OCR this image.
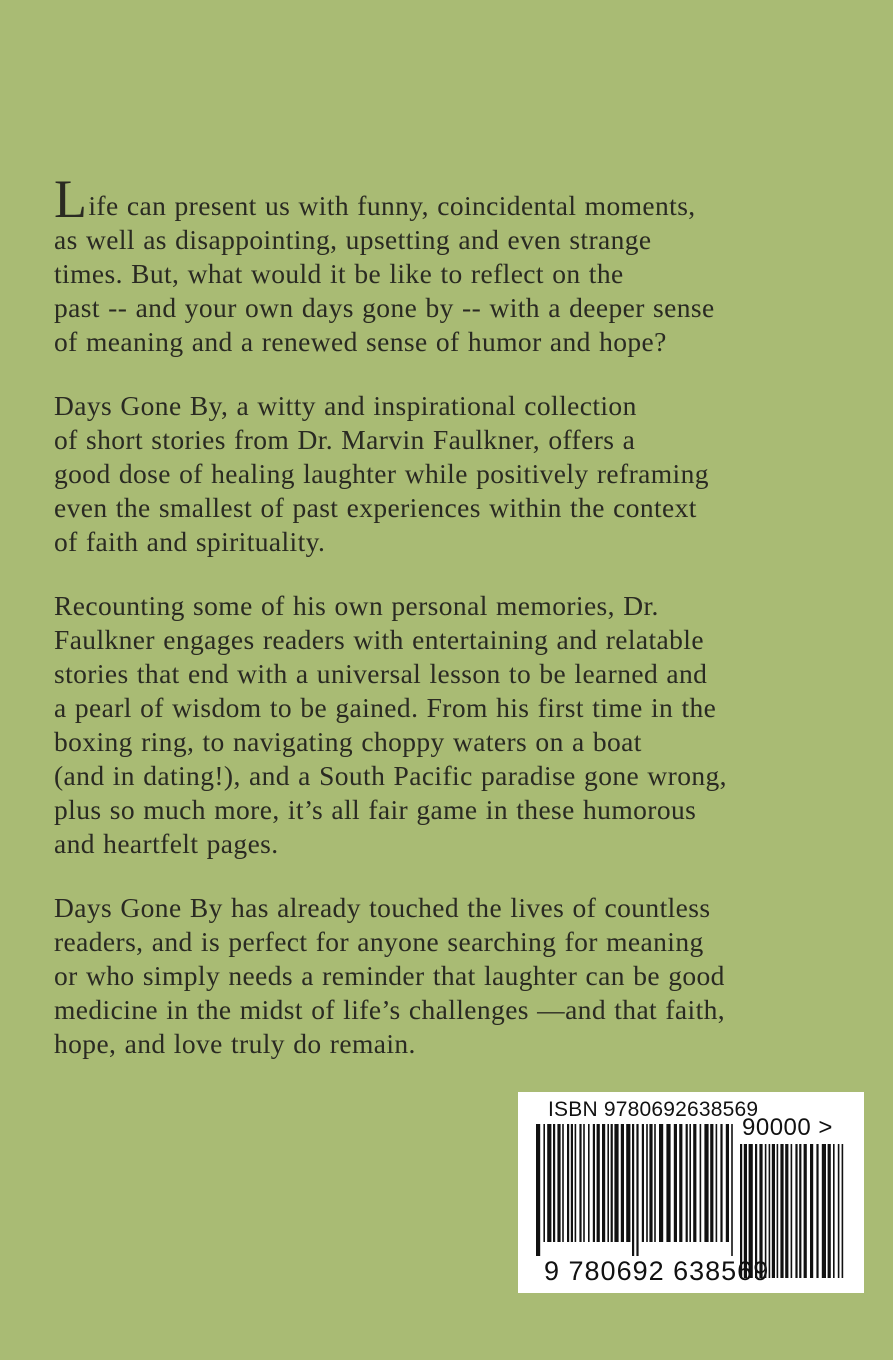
Life can present us with funny, coincidental moments,
as well as disappointing, upsetting and even strange
times. But, what would it be like to reflect on the
past -- and your own days gone by -- with a deeper sense
of meaning and a renewed sense of humor and hope?
Days Gone By, a witty and inspirational collection
of short stories from Dr. Marvin Faulkner, offers a
good dose of healing laughter while positively reframing
even the smallest of past experiences within the context
of faith and spirituality.
Recounting some of his own personal memories, Dr.
Faulkner engages readers with entertaining and relatable
stories that end with a universal lesson to be learned and
a pearl of wisdom to be gained. From his first time in the
boxing ring, to navigating choppy waters on a boat
(and in dating!), and a South Pacific paradise gone wrong,
plus so much more, it’s all fair game in these humorous
and heartfelt pages.
Days Gone By has already touched the lives of countless
readers, and is perfect for anyone searching for meaning
or who simply needs a reminder that laughter can be good
medicine in the midst of life’s challenges —and that faith,
hope, and love truly do remain.
ISBN 9780692638569
90000 >
9 780692 638569
